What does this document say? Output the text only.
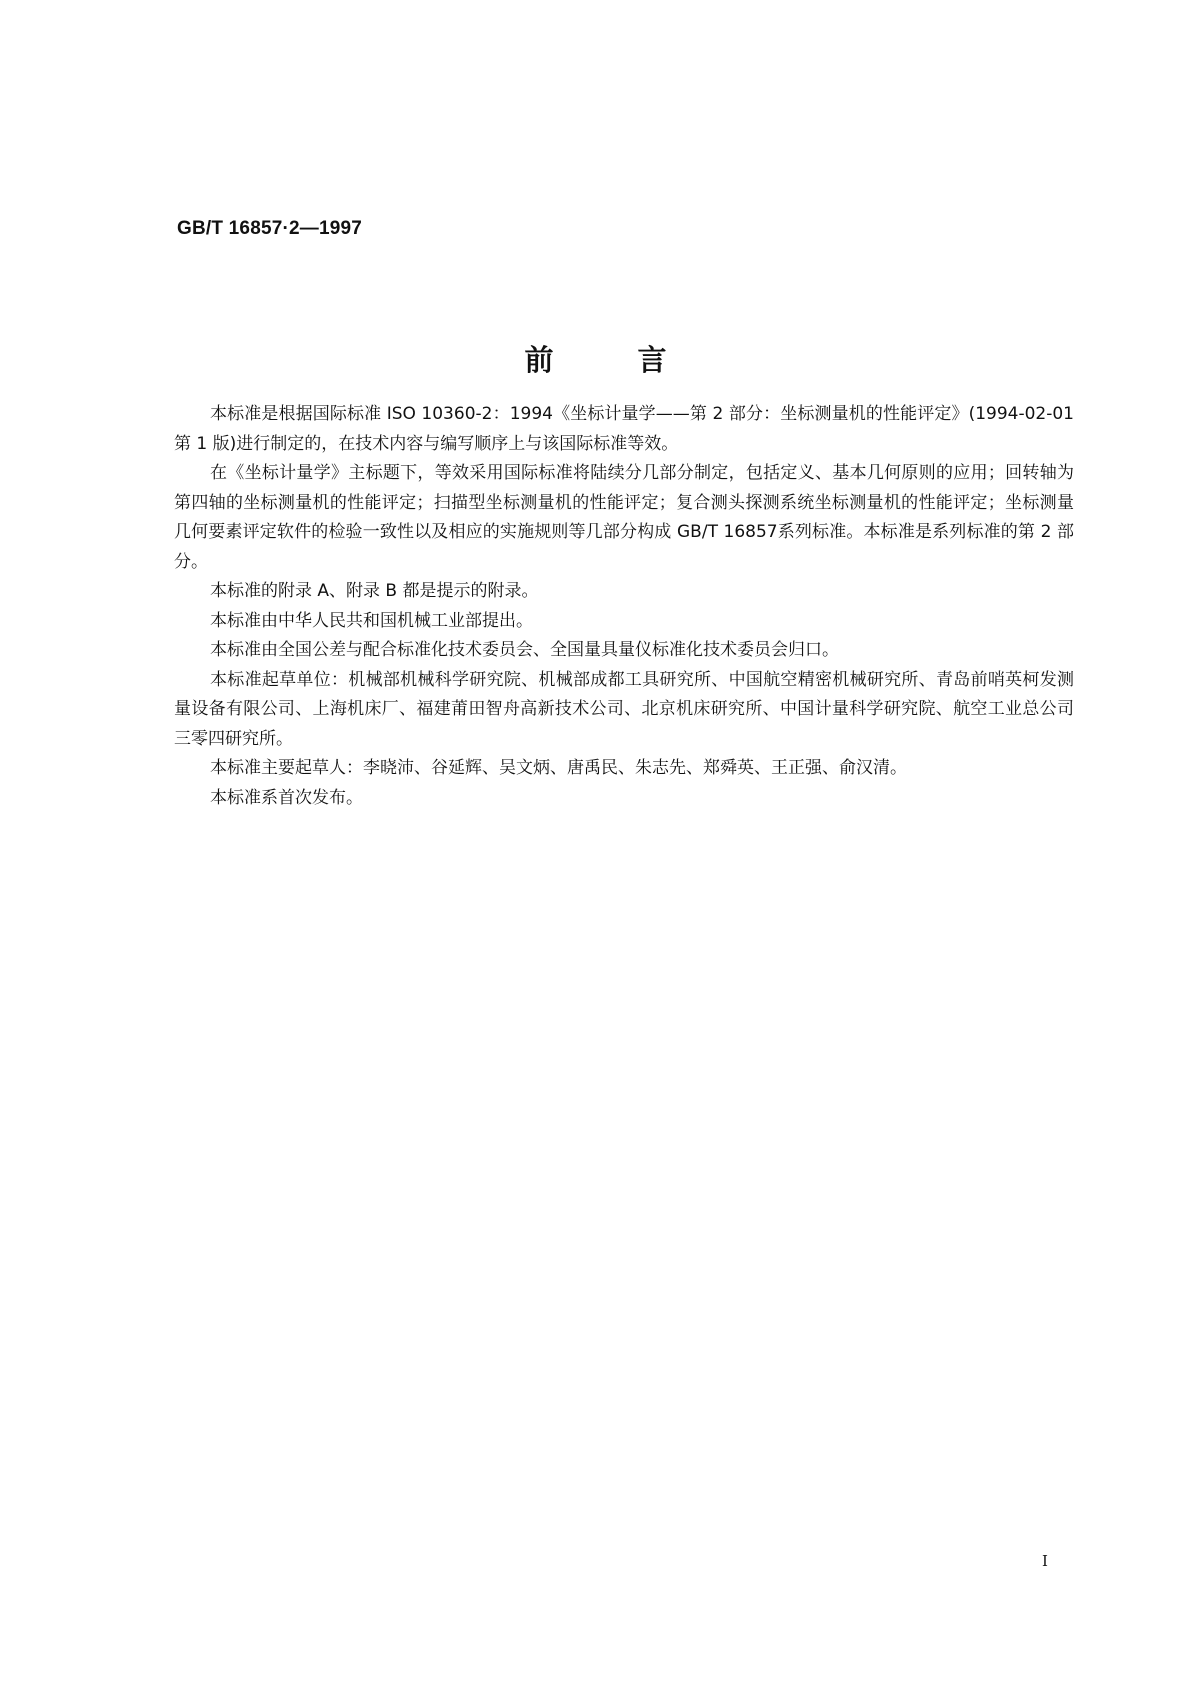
GB/T 16857·2—1997
前言

本标准是根据国际标准 ISO 10360-2：1994《坐标计量学——第 2 部分：坐标测量机的性能评定》(1994-02-01 第 1 版)进行制定的，在技术内容与编写顺序上与该国际标准等效。

在《坐标计量学》主标题下，等效采用国际标准将陆续分几部分制定，包括定义、基本几何原则的应用；回转轴为第四轴的坐标测量机的性能评定；扫描型坐标测量机的性能评定；复合测头探测系统坐标测量机的性能评定；坐标测量几何要素评定软件的检验一致性以及相应的实施规则等几部分构成 GB/T 16857系列标准。本标准是系列标准的第 2 部分。

本标准的附录 A、附录 B 都是提示的附录。

本标准由中华人民共和国机械工业部提出。

本标准由全国公差与配合标准化技术委员会、全国量具量仪标准化技术委员会归口。

本标准起草单位：机械部机械科学研究院、机械部成都工具研究所、中国航空精密机械研究所、青岛前哨英柯发测量设备有限公司、上海机床厂、福建莆田智舟高新技术公司、北京机床研究所、中国计量科学研究院、航空工业总公司三零四研究所。

本标准主要起草人：李晓沛、谷延辉、吴文炳、唐禹民、朱志先、郑舜英、王正强、俞汉清。

本标准系首次发布。

I
